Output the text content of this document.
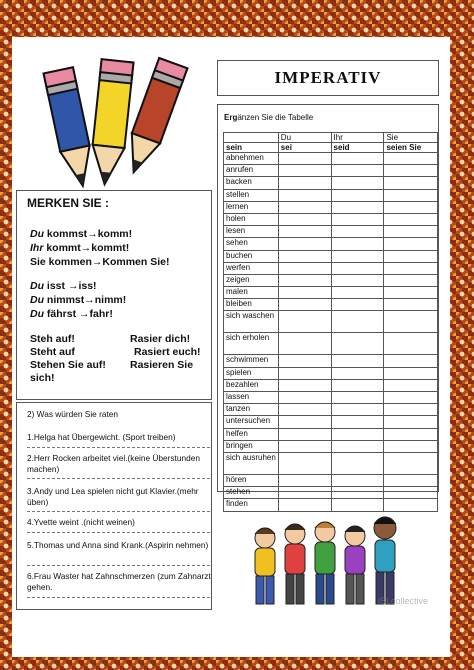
MERKEN SIE :
Du kommst→komm!
Ihr kommt→kommt!
Sie kommen→Kommen Sie!
Du isst →iss!
Du nimmst→nimm!
Du fährst →fahr!
Steh auf!	Rasier dich!
Steht auf	Rasiert euch!
Stehen Sie auf! Rasieren Sie
sich!
2) Was würden Sie raten
1.Helga hat Übergewicht. (Sport treiben)
2.Herr Rocken arbeitet viel.(keine Überstunden machen)
3.Andy und Lea spielen nicht gut Klavier.(mehr üben)
4.Yvette weint .(nicht weinen)
5.Thomas und Anna sind Krank.(Aspirin nehmen)
6.Frau Waster hat Zahnschmerzen (zum Zahnarzt gehen.
IMPERATIV
Ergänzen Sie die Tabelle
	Du	Ihr	Sie
sein	sei	seid	seien Sie
abnehmen			
anrufen			
backen			
stellen			
lernen			
holen			
lesen			
sehen			
buchen			
werfen			
zeigen			
malen			
bleiben			
sich waschen			
sich erholen			
schwimmen			
spielen			
bezahlen			
lassen			
tanzen			
untersuchen			
helfen			
bringen			
sich ausruhen			
hören			
stehen			
finden			
iSLcollective
